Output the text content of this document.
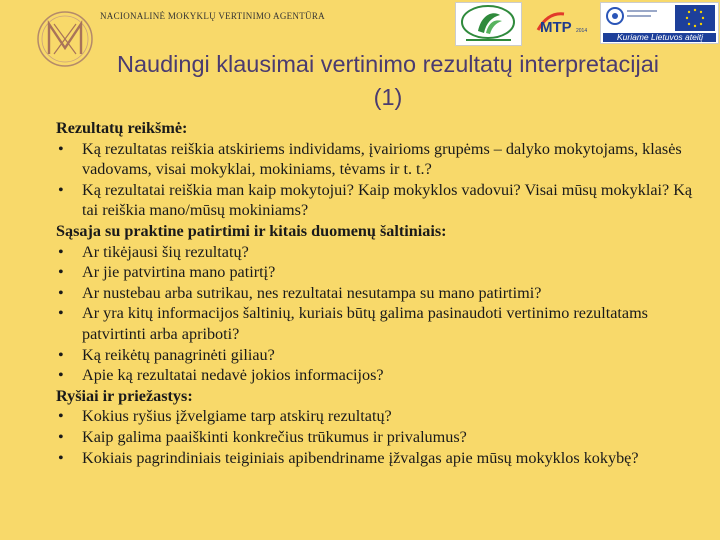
NACIONALINĖ MOKYKLŲ VERTINIMO AGENTŪRA
MTP 2014
Kuriame Lietuvos ateitį
Naudingi klausimai vertinimo rezultatų interpretacijai (1)
Rezultatų reikšmė:
• Ką rezultatas reiškia atskiriems individams, įvairioms grupėms – dalyko mokytojams, klasės vadovams, visai mokyklai, mokiniams, tėvams ir t. t.?
• Ką rezultatai reiškia man kaip mokytojui? Kaip mokyklos vadovui? Visai mūsų mokyklai? Ką tai reiškia mano/mūsų mokiniams?
Sąsaja su praktine patirtimi ir kitais duomenų šaltiniais:
• Ar tikėjausi šių rezultatų?
• Ar jie patvirtina mano patirtį?
• Ar nustebau arba sutrikau, nes rezultatai nesutampa su mano patirtimi?
• Ar yra kitų informacijos šaltinių, kuriais būtų galima pasinaudoti vertinimo rezultatams patvirtinti arba apriboti?
• Ką reikėtų panagrinėti giliau?
• Apie ką rezultatai nedavė jokios informacijos?
Ryšiai ir priežastys:
• Kokius ryšius įžvelgiame tarp atskirų rezultatų?
• Kaip galima paaiškinti konkrečius trūkumus ir privalumus?
• Kokiais pagrindiniais teiginiais apibendriname įžvalgas apie mūsų mokyklos kokybę?
